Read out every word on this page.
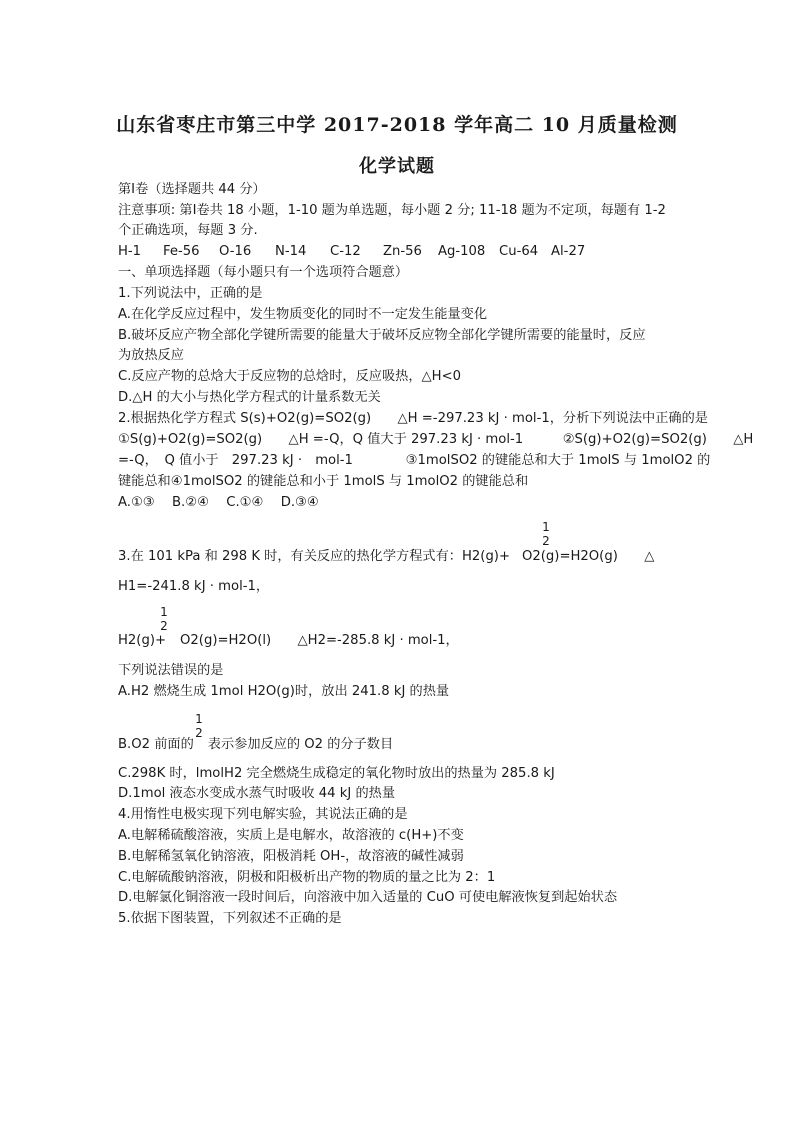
山东省枣庄市第三中学 2017-2018 学年高二 10 月质量检测
化学试题
第Ⅰ卷（选择题共 44 分）
注意事项: 第Ⅰ卷共 18 小题，1-10 题为单选题，每小题 2 分; 11-18 题为不定项，每题有 1-2
个正确选项，每题 3 分.
H-1 Fe-56 O-16 N-14 C-12 Zn-56 Ag-108 Cu-64 Al-27
一、单项选择题（每小题只有一个选项符合题意）
1.下列说法中，正确的是
A.在化学反应过程中，发生物质变化的同时不一定发生能量变化
B.破坏反应产物全部化学键所需要的能量大于破坏反应物全部化学键所需要的能量时，反应
为放热反应
C.反应产物的总焓大于反应物的总焓时，反应吸热，△H<0
D.△H 的大小与热化学方程式的计量系数无关
2.根据热化学方程式 S(s)+O2(g)=SO2(g)　　△H =-297.23 kJ · mol-1，分析下列说法中正确的是
①S(g)+O2(g)=SO2(g)　　△H =-Q，Q 值大于 297.23 kJ · mol-1　　　②S(g)+O2(g)=SO2(g)　　△H
=-Q，　Q 值小于　297.23 kJ ·　mol-1　　　　③1molSO2 的键能总和大于 1molS 与 1molO2 的
键能总和④1molSO2 的键能总和小于 1molS 与 1molO2 的键能总和
A.①③　 B.②④　 C.①④　 D.③④
1
2
3.在 101 kPa 和 298 K 时，有关反应的热化学方程式有：H2(g)+ O2(g)=H2O(g)　　△
H1=-241.8 kJ · mol-1，
1
2
H2(g)+ O2(g)=H2O(l)　　△H2=-285.8 kJ · mol-1，
下列说法错误的是
A.H2 燃烧生成 1mol H2O(g)时，放出 241.8 kJ 的热量
1
2
B.O2 前面的 表示参加反应的 O2 的分子数目
C.298K 时，lmolH2 完全燃烧生成稳定的氧化物时放出的热量为 285.8 kJ
D.1mol 液态水变成水蒸气时吸收 44 kJ 的热量
4.用惰性电极实现下列电解实验，其说法正确的是
A.电解稀硫酸溶液，实质上是电解水，故溶液的 c(H+)不变
B.电解稀氢氧化钠溶液，阳极消耗 OH-，故溶液的碱性减弱
C.电解硫酸钠溶液，阴极和阳极析出产物的物质的量之比为 2：1
D.电解氯化铜溶液一段时间后，向溶液中加入适量的 CuO 可使电解液恢复到起始状态
5.依据下图装置，下列叙述不正确的是
